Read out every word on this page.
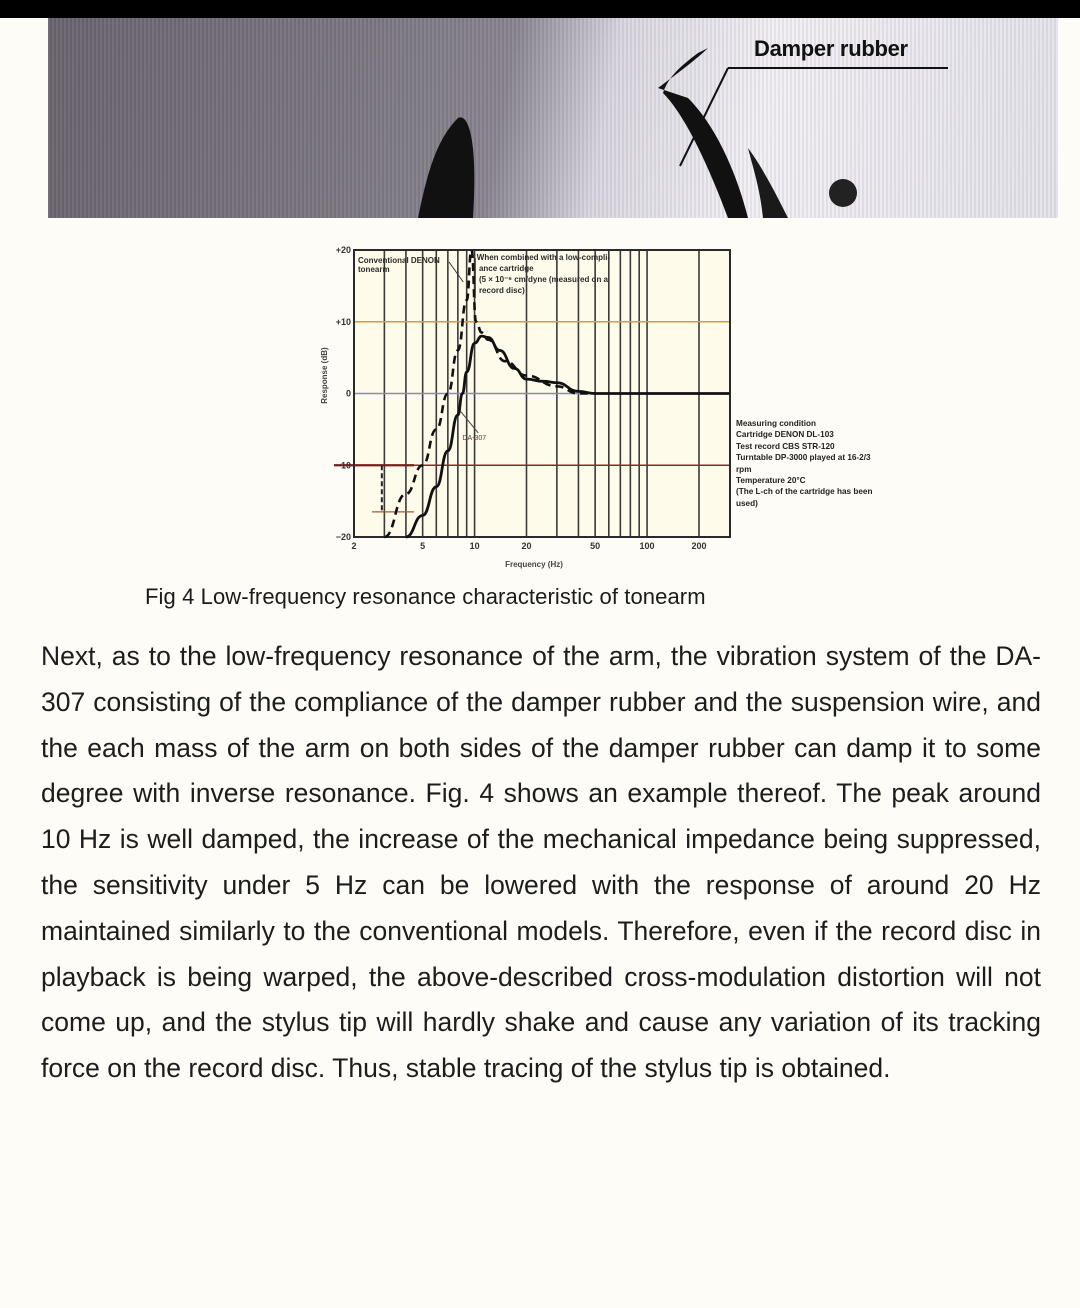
Damper rubber
+20
+10
0
−10
−20
2	5	10	20	50	100	200
Frequency (Hz)
Response (dB)
Conventional DENON
tonearm
When combined with a low-compli-
ance cartridge
(5 × 10⁻⁶ cm/dyne (measured on a
record disc)
DA-307
Measuring condition
Cartridge DENON DL-103
Test record CBS STR-120
Turntable DP-3000 played at 16-2/3
rpm
Temperature 20°C
(The L-ch of the cartridge has been
used)
Fig 4 Low-frequency resonance characteristic of tonearm

Next, as to the low-frequency resonance of the arm, the vibration system of the DA-307 consisting of the compliance of the damper rubber and the suspension wire, and the each mass of the arm on both sides of the damper rubber can damp it to some degree with inverse resonance. Fig. 4 shows an example thereof. The peak around 10 Hz is well damped, the increase of the mechanical impedance being suppressed, the sensitivity under 5 Hz can be lowered with the response of around 20 Hz maintained similarly to the conventional models. Therefore, even if the record disc in playback is being warped, the above-described cross-modulation distortion will not come up, and the stylus tip will hardly shake and cause any variation of its tracking force on the record disc. Thus, stable tracing of the stylus tip is obtained.
